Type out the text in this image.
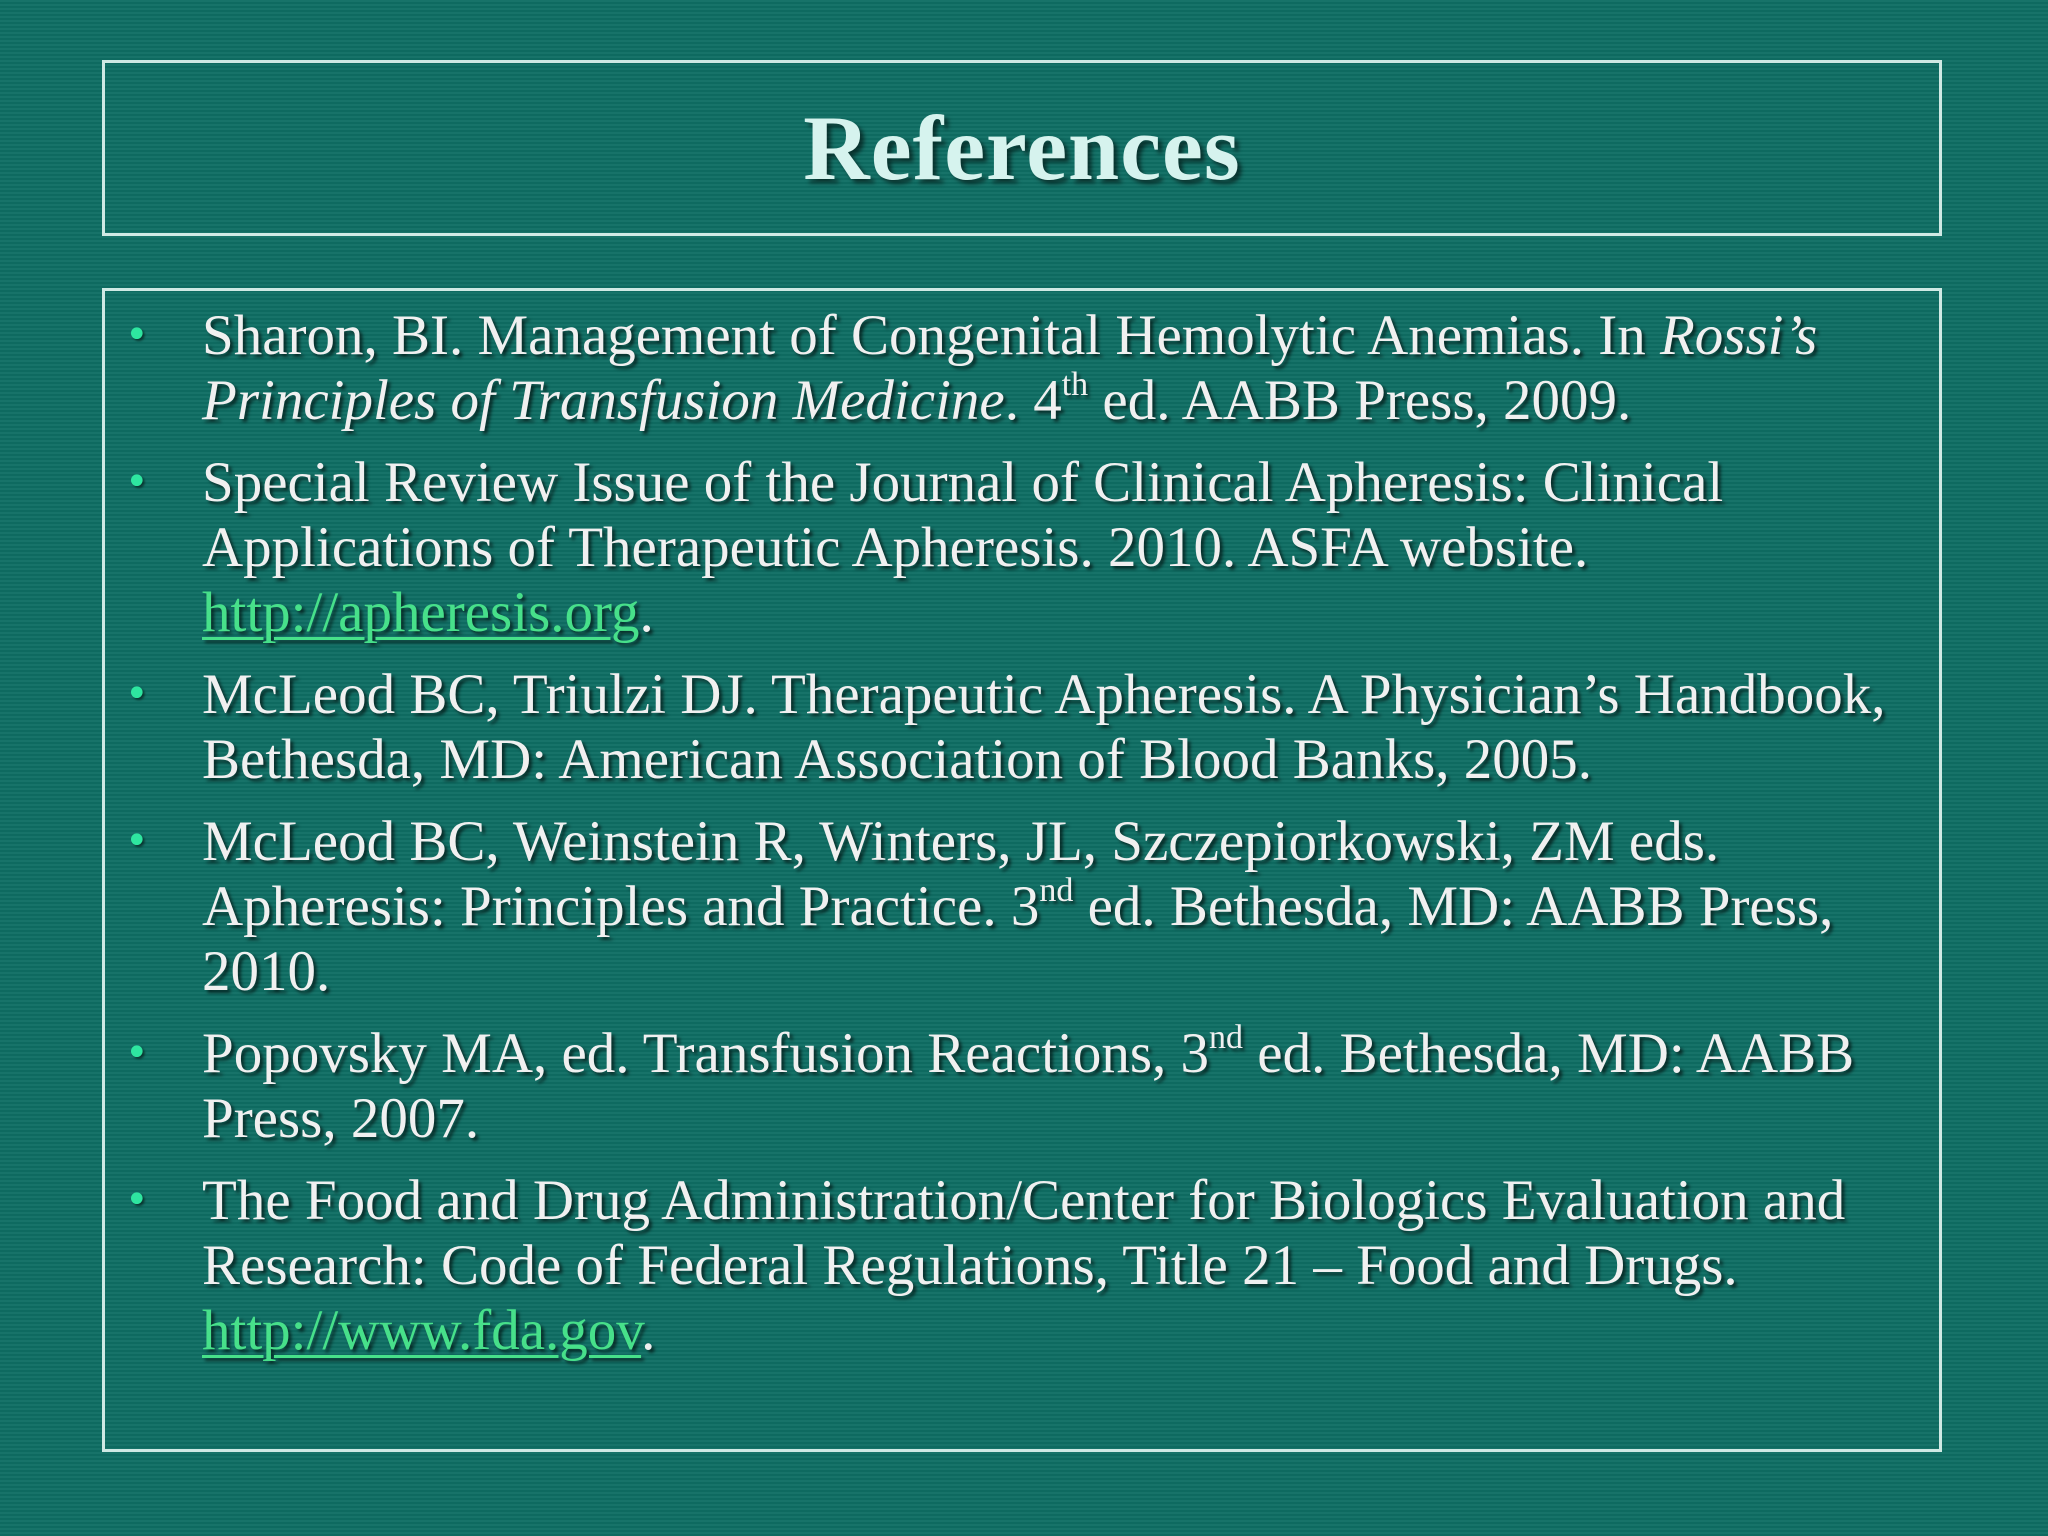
References
• Sharon, BI. Management of Congenital Hemolytic Anemias. In Rossi’s Principles of Transfusion Medicine. 4th ed. AABB Press, 2009.
• Special Review Issue of the Journal of Clinical Apheresis: Clinical Applications of Therapeutic Apheresis. 2010. ASFA website. http://apheresis.org.
• McLeod BC, Triulzi DJ. Therapeutic Apheresis. A Physician’s Handbook, Bethesda, MD: American Association of Blood Banks, 2005.
• McLeod BC, Weinstein R, Winters, JL, Szczepiorkowski, ZM eds. Apheresis: Principles and Practice. 3nd ed. Bethesda, MD: AABB Press, 2010.
• Popovsky MA, ed. Transfusion Reactions, 3nd ed. Bethesda, MD: AABB Press, 2007.
• The Food and Drug Administration/Center for Biologics Evaluation and Research: Code of Federal Regulations, Title 21 – Food and Drugs. http://www.fda.gov.
